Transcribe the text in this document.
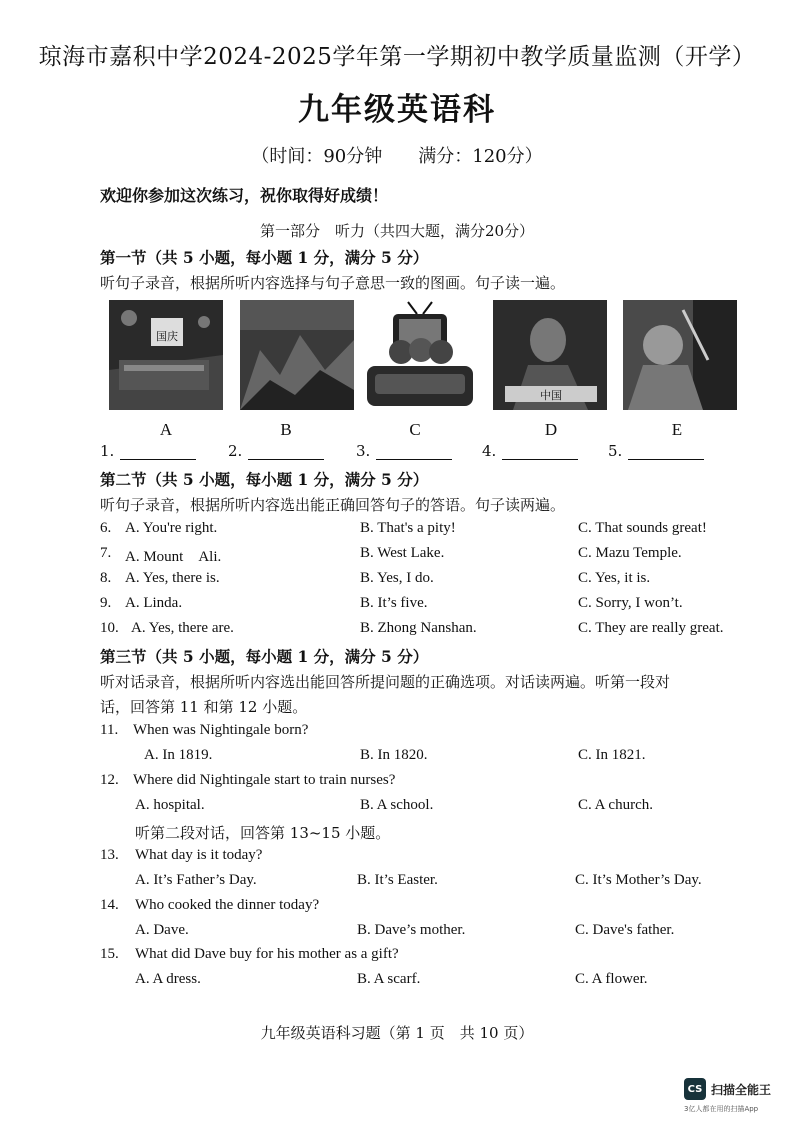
琼海市嘉积中学2024-2025学年第一学期初中教学质量监测（开学）
九年级英语科
（时间：90分钟　　满分：120分）
欢迎你参加这次练习，祝你取得好成绩！
第一部分　听力（共四大题，满分20分）
第一节（共 5 小题，每小题 1 分，满分 5 分）
听句子录音，根据所听内容选择与句子意思一致的图画。句子读一遍。
国庆
中国
A	B	C	D	E
1.	2.	3.	4.	5.
第二节（共 5 小题，每小题 1 分，满分 5 分）
听句子录音，根据所听内容选出能正确回答句子的答语。句子读两遍。
6. A. You're right.	B. That's a pity!	C. That sounds great!
7. A. Mount　Ali.	B. West Lake.	C. Mazu Temple.
8. A. Yes, there is.	B. Yes, I do.	C. Yes, it is.
9. A. Linda.	B. It’s five.	C. Sorry, I won’t.
10. A. Yes, there are.	B. Zhong Nanshan.	C. They are really great.
第三节（共 5 小题，每小题 1 分，满分 5 分）
听对话录音，根据所听内容选出能回答所提问题的正确选项。对话读两遍。听第一段对
话，回答第 11 和第 12 小题。
11. When was Nightingale born?
A. In 1819.	B. In 1820.	C. In 1821.
12. Where did Nightingale start to train nurses?
A. hospital.	B. A school.	C. A church.
听第二段对话，回答第 13~15 小题。
13. What day is it today?
A. It’s Father’s Day.	B. It’s Easter.	C. It’s Mother’s Day.
14. Who cooked the dinner today?
A. Dave.	B. Dave’s mother.	C. Dave's father.
15. What did Dave buy for his mother as a gift?
A. A dress.	B. A scarf.	C. A flower.
九年级英语科习题（第 1 页　共 10 页）
CS 扫描全能王
3亿人都在用的扫描App
